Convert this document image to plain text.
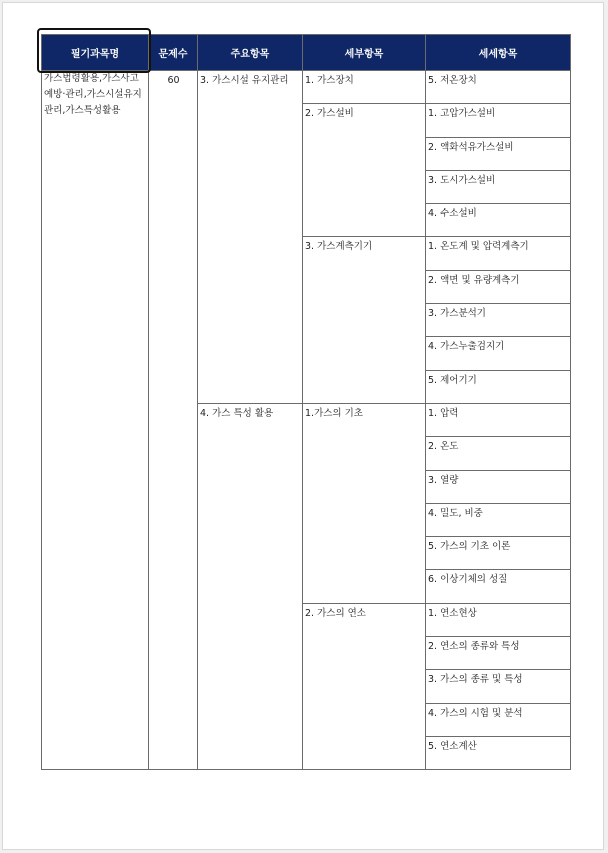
필기과목명	문제수	주요항목	세부항목	세세항목
가스법령활용,가스사고예방·관리,가스시설유지관리,가스특성활용	60	3. 가스시설 유지관리	1. 가스장치	5. 저온장치
			2. 가스설비	1. 고압가스설비
				2. 액화석유가스설비
				3. 도시가스설비
				4. 수소설비
			3. 가스계측기기	1. 온도계 및 압력계측기
				2. 액면 및 유량계측기
				3. 가스분석기
				4. 가스누출검지기
				5. 제어기기
		4. 가스 특성 활용	1.가스의 기초	1. 압력
				2. 온도
				3. 열량
				4. 밀도, 비중
				5. 가스의 기초 이론
				6. 이상기체의 성질
			2. 가스의 연소	1. 연소현상
				2. 연소의 종류와 특성
				3. 가스의 종류 및 특성
				4. 가스의 시험 및 분석
				5. 연소계산
